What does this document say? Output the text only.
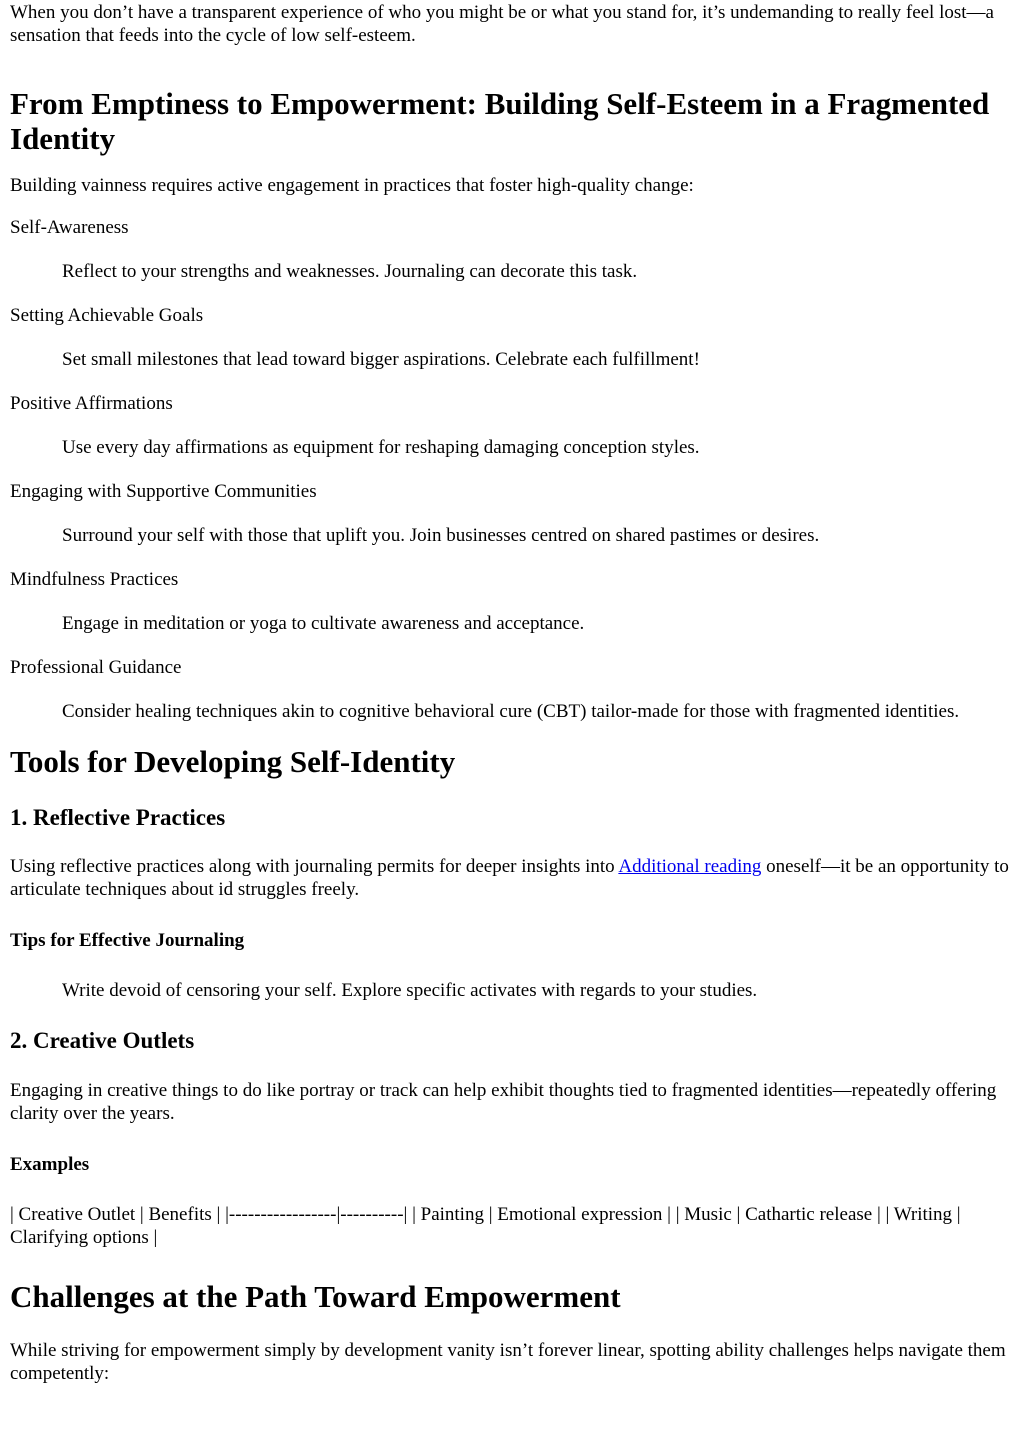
When you don’t have a transparent experience of who you might be or what you stand for, it’s undemanding to really feel lost—a sensation that feeds into the cycle of low self-esteem.

From Emptiness to Empowerment: Building Self-Esteem in a Fragmented Identity

Building vainness requires active engagement in practices that foster high-quality change:

Self-Awareness
Reflect to your strengths and weaknesses. Journaling can decorate this task.
Setting Achievable Goals
Set small milestones that lead toward bigger aspirations. Celebrate each fulfillment!
Positive Affirmations
Use every day affirmations as equipment for reshaping damaging conception styles.
Engaging with Supportive Communities
Surround your self with those that uplift you. Join businesses centred on shared pastimes or desires.
Mindfulness Practices
Engage in meditation or yoga to cultivate awareness and acceptance.
Professional Guidance
Consider healing techniques akin to cognitive behavioral cure (CBT) tailor-made for those with fragmented identities.
Tools for Developing Self-Identity
1. Reflective Practices

Using reflective practices along with journaling permits for deeper insights into Additional reading oneself—it be an opportunity to articulate techniques about id struggles freely.

Tips for Effective Journaling

Write devoid of censoring your self. Explore specific activates with regards to your studies.

2. Creative Outlets

Engaging in creative things to do like portray or track can help exhibit thoughts tied to fragmented identities—repeatedly offering clarity over the years.

Examples

| Creative Outlet | Benefits | |-----------------|----------| | Painting | Emotional expression | | Music | Cathartic release | | Writing | Clarifying options |

Challenges at the Path Toward Empowerment

While striving for empowerment simply by development vanity isn’t forever linear, spotting ability challenges helps navigate them competently:
